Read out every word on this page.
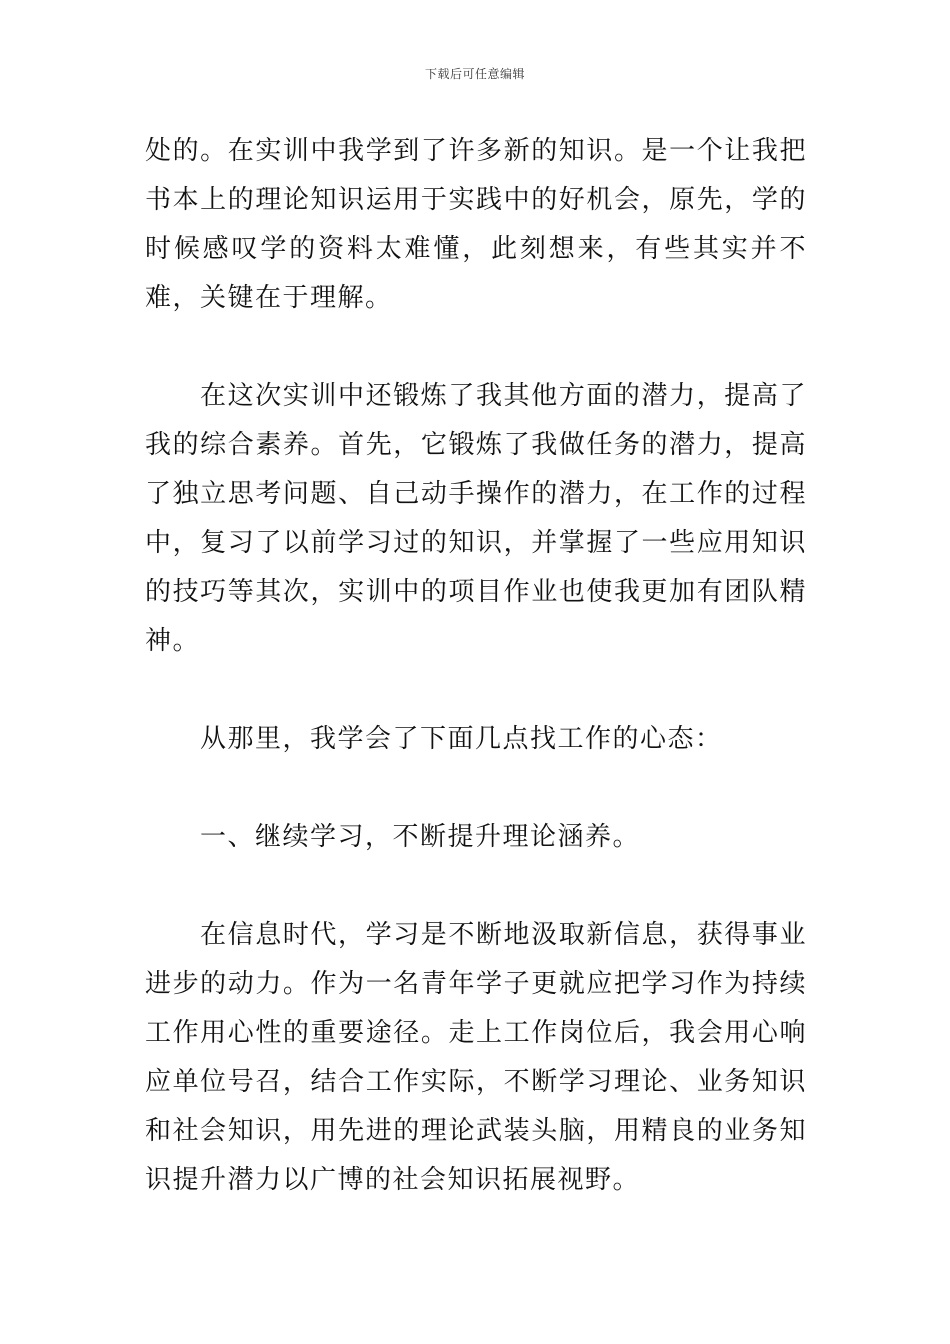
下载后可任意编辑

处的。在实训中我学到了许多新的知识。是一个让我把书本上的理论知识运用于实践中的好机会，原先，学的时候感叹学的资料太难懂，此刻想来，有些其实并不难，关键在于理解。

在这次实训中还锻炼了我其他方面的潜力，提高了我的综合素养。首先，它锻炼了我做任务的潜力，提高了独立思考问题、自己动手操作的潜力，在工作的过程中，复习了以前学习过的知识，并掌握了一些应用知识的技巧等其次，实训中的项目作业也使我更加有团队精神。

从那里，我学会了下面几点找工作的心态：

一、继续学习，不断提升理论涵养。

在信息时代，学习是不断地汲取新信息，获得事业进步的动力。作为一名青年学子更就应把学习作为持续工作用心性的重要途径。走上工作岗位后，我会用心响应单位号召，结合工作实际，不断学习理论、业务知识和社会知识，用先进的理论武装头脑，用精良的业务知识提升潜力以广博的社会知识拓展视野。
